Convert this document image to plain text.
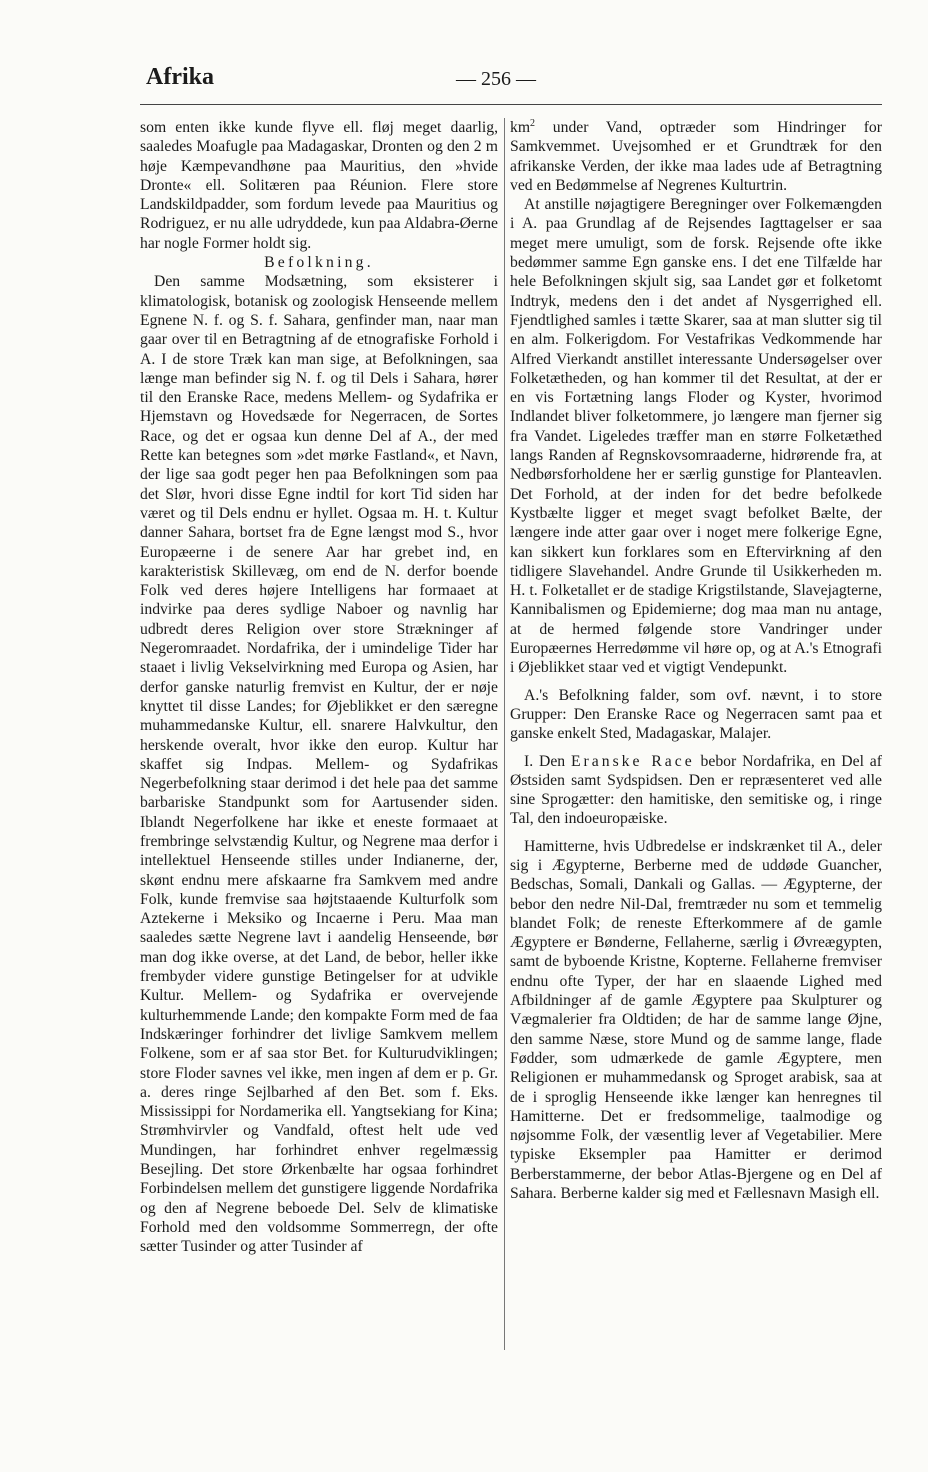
Afrika	— 256 —

som enten ikke kunde flyve ell. fløj meget daarlig, saaledes Moafugle paa Madagaskar, Dronten og den 2 m høje Kæmpevandhøne paa Mauritius, den »hvide Dronte« ell. Solitæren paa Réunion. Flere store Landskildpadder, som fordum levede paa Mauritius og Rodriguez, er nu alle udryddede, kun paa Aldabra-Øerne har nogle Former holdt sig.

Befolkning.

Den samme Modsætning, som eksisterer i klimatologisk, botanisk og zoologisk Henseende mellem Egnene N. f. og S. f. Sahara, genfinder man, naar man gaar over til en Betragtning af de etnografiske Forhold i A. I de store Træk kan man sige, at Befolkningen, saa længe man befinder sig N. f. og til Dels i Sahara, hører til den Eranske Race, medens Mellem- og Sydafrika er Hjemstavn og Hovedsæde for Negerracen, de Sortes Race, og det er ogsaa kun denne Del af A., der med Rette kan betegnes som »det mørke Fastland«, et Navn, der lige saa godt peger hen paa Befolkningen som paa det Slør, hvori disse Egne indtil for kort Tid siden har været og til Dels endnu er hyllet. Ogsaa m. H. t. Kultur danner Sahara, bortset fra de Egne længst mod S., hvor Europæerne i de senere Aar har grebet ind, en karakteristisk Skillevæg, om end de N. derfor boende Folk ved deres højere Intelligens har formaaet at indvirke paa deres sydlige Naboer og navnlig har udbredt deres Religion over store Strækninger af Negeromraadet. Nordafrika, der i umindelige Tider har staaet i livlig Vekselvirkning med Europa og Asien, har derfor ganske naturlig fremvist en Kultur, der er nøje knyttet til disse Landes; for Øjeblikket er den særegne muhammedanske Kultur, ell. snarere Halvkultur, den herskende overalt, hvor ikke den europ. Kultur har skaffet sig Indpas. Mellem- og Sydafrikas Negerbefolkning staar derimod i det hele paa det samme barbariske Standpunkt som for Aartusender siden. Iblandt Negerfolkene har ikke et eneste formaaet at frembringe selvstændig Kultur, og Negrene maa derfor i intellektuel Henseende stilles under Indianerne, der, skønt endnu mere afskaarne fra Samkvem med andre Folk, kunde fremvise saa højtstaaende Kulturfolk som Aztekerne i Meksiko og Incaerne i Peru. Maa man saaledes sætte Negrene lavt i aandelig Henseende, bør man dog ikke overse, at det Land, de bebor, heller ikke frembyder videre gunstige Betingelser for at udvikle Kultur. Mellem- og Sydafrika er overvejende kulturhemmende Lande; den kompakte Form med de faa Indskæringer forhindrer det livlige Samkvem mellem Folkene, som er af saa stor Bet. for Kulturudviklingen; store Floder savnes vel ikke, men ingen af dem er p. Gr. a. deres ringe Sejlbarhed af den Bet. som f. Eks. Mississippi for Nordamerika ell. Yangtsekiang for Kina; Strømhvirvler og Vandfald, oftest helt ude ved Mundingen, har forhindret enhver regelmæssig Besejling. Det store Ørkenbælte har ogsaa forhindret Forbindelsen mellem det gunstigere liggende Nordafrika og den af Negrene beboede Del. Selv de klimatiske Forhold med den voldsomme Sommerregn, der ofte sætter Tusinder og atter Tusinder af

$km^2$ under Vand, optræder som Hindringer for Samkvemmet. Uvejsomhed er et Grundtræk for den afrikanske Verden, der ikke maa lades ude af Betragtning ved en Bedømmelse af Negrenes Kulturtrin.

At anstille nøjagtigere Beregninger over Folkemængden i A. paa Grundlag af de Rejsendes Iagttagelser er saa meget mere umuligt, som de forsk. Rejsende ofte ikke bedømmer samme Egn ganske ens. I det ene Tilfælde har hele Befolkningen skjult sig, saa Landet gør et folketomt Indtryk, medens den i det andet af Nysgerrighed ell. Fjendtlighed samles i tætte Skarer, saa at man slutter sig til en alm. Folkerigdom. For Vestafrikas Vedkommende har Alfred Vierkandt anstillet interessante Undersøgelser over Folketætheden, og han kommer til det Resultat, at der er en vis Fortætning langs Floder og Kyster, hvorimod Indlandet bliver folketommere, jo længere man fjerner sig fra Vandet. Ligeledes træffer man en større Folketæthed langs Randen af Regnskovsomraaderne, hidrørende fra, at Nedbørsforholdene her er særlig gunstige for Planteavlen. Det Forhold, at der inden for det bedre befolkede Kystbælte ligger et meget svagt befolket Bælte, der længere inde atter gaar over i noget mere folkerige Egne, kan sikkert kun forklares som en Eftervirkning af den tidligere Slavehandel. Andre Grunde til Usikkerheden m. H. t. Folketallet er de stadige Krigstilstande, Slavejagterne, Kannibalismen og Epidemierne; dog maa man nu antage, at de hermed følgende store Vandringer under Europæernes Herredømme vil høre op, og at A.'s Etnografi i Øjeblikket staar ved et vigtigt Vendepunkt.

A.'s Befolkning falder, som ovf. nævnt, i to store Grupper: Den Eranske Race og Negerracen samt paa et ganske enkelt Sted, Madagaskar, Malajer.

I. Den Eranske Race bebor Nordafrika, en Del af Østsiden samt Sydspidsen. Den er repræsenteret ved alle sine Sprogætter: den hamitiske, den semitiske og, i ringe Tal, den indoeuropæiske.

Hamitterne, hvis Udbredelse er indskrænket til A., deler sig i Ægypterne, Berberne med de uddøde Guancher, Bedschas, Somali, Dankali og Gallas. — Ægypterne, der bebor den nedre Nil-Dal, fremtræder nu som et temmelig blandet Folk; de reneste Efterkommere af de gamle Ægyptere er Bønderne, Fellaherne, særlig i Øvreægypten, samt de byboende Kristne, Kopterne. Fellaherne fremviser endnu ofte Typer, der har en slaaende Lighed med Afbildninger af de gamle Ægyptere paa Skulpturer og Vægmalerier fra Oldtiden; de har de samme lange Øjne, den samme Næse, store Mund og de samme lange, flade Fødder, som udmærkede de gamle Ægyptere, men Religionen er muhammedansk og Sproget arabisk, saa at de i sproglig Henseende ikke længer kan henregnes til Hamitterne. Det er fredsommelige, taalmodige og nøjsomme Folk, der væsentlig lever af Vegetabilier. Mere typiske Eksempler paa Hamitter er derimod Berberstammerne, der bebor Atlas-Bjergene og en Del af Sahara. Berberne kalder sig med et Fællesnavn Masigh ell.
